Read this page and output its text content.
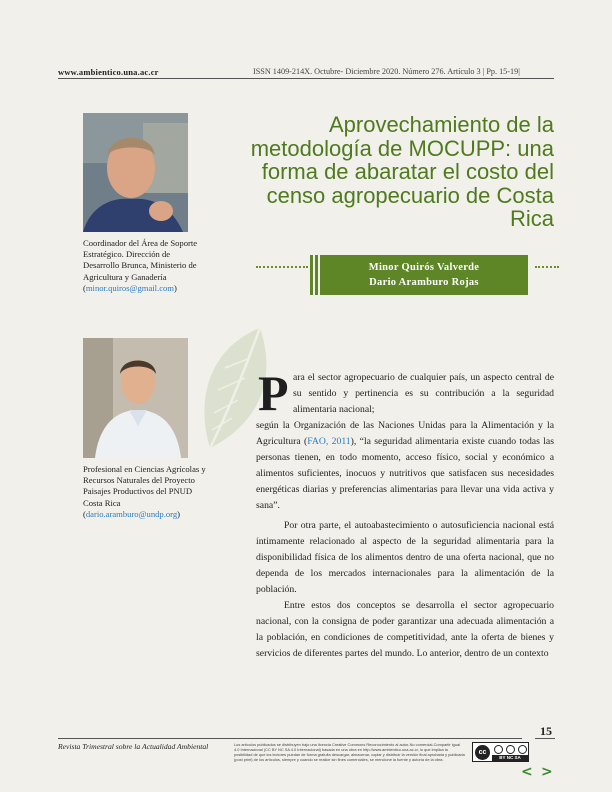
www.ambientico.una.ac.cr	ISSN 1409-214X. Octubre- Diciembre 2020. Número 276. Artículo 3 | Pp. 15-19|
Coordinador del Área de Soporte Estratégico. Dirección de Desarrollo Brunca, Ministerio de Agricultura y Ganadería (minor.quiros@gmail.com)
Profesional en Ciencias Agrícolas y Recursos Naturales del Proyecto Paisajes Productivos del PNUD Costa Rica (dario.aramburo@undp.org)
Aprovechamiento de la metodología de MOCUPP: una forma de abaratar el costo del censo agropecuario de Costa Rica
Minor Quirós Valverde
Dario Aramburo Rojas
P ara el sector agropecuario de cualquier país, un aspecto central de su sentido y pertinencia es su contribución a la seguridad alimentaria nacional;

según la Organización de las Naciones Unidas para la Alimentación y la Agricultura (FAO, 2011), “la seguridad alimentaria existe cuando todas las personas tienen, en todo momento, acceso físico, social y económico a alimentos suficientes, inocuos y nutritivos que satisfacen sus necesidades energéticas diarias y preferencias alimentarias para llevar una vida activa y sana”.

Por otra parte, el autoabastecimiento o autosuficiencia nacional está íntimamente relacionado al aspecto de la seguridad alimentaria para la disponibilidad física de los alimentos dentro de una oferta nacional, que no dependa de los mercados internacionales para la alimentación de la población.

Entre estos dos conceptos se desarrolla el sector agropecuario nacional, con la consigna de poder garantizar una adecuada alimentación a la población, en condiciones de competitividad, ante la oferta de bienes y servicios de diferentes partes del mundo. Lo anterior, dentro de un contexto

15
Revista Trimestral sobre la Actualidad Ambiental	Los artículos publicados se distribuyen bajo una licencia Creative Commons Reconocimiento al autor-No comercial-Compartir igual 4.0 Internacional (CC BY NC SA 4.0 Internacional) basada en una obra en http://www.ambientico.una.ac.cr, lo que implica la posibilidad de que los lectores puedan de forma gratuita descargar, almacenar, copiar y distribuir la versión final aprobada y publicada (post print) de los artículos, siempre y cuando se realice sin fines comerciales, se mencione la fuente y autoría de la obra.
cc
BY NC SA
< >
